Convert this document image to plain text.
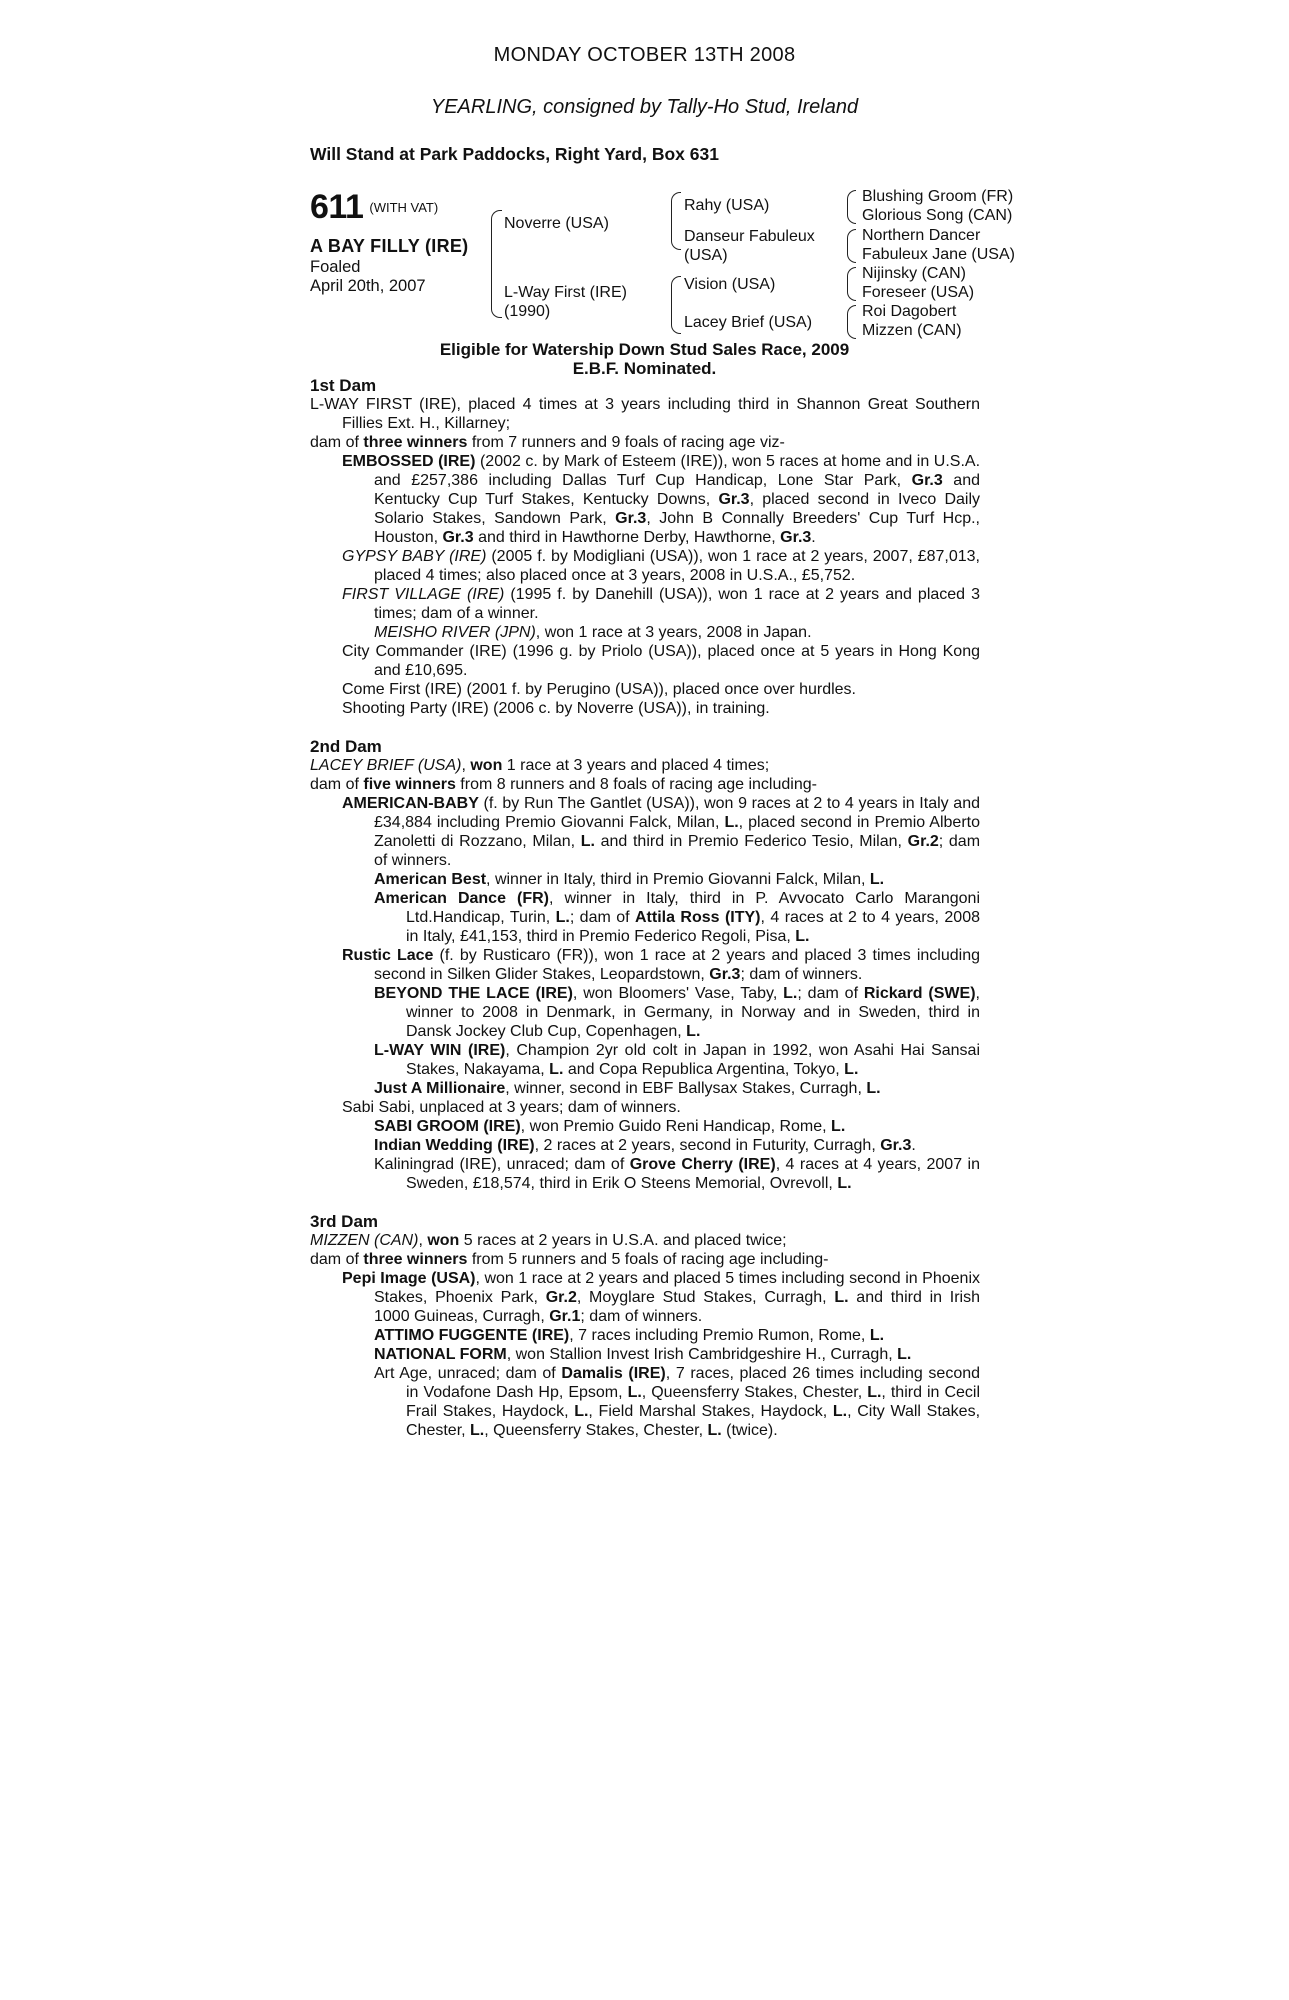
MONDAY OCTOBER 13TH 2008
YEARLING, consigned by Tally-Ho Stud, Ireland
Will Stand at Park Paddocks, Right Yard, Box 631
611 $^{(WITH VAT)}$
A BAY FILLY (IRE)
Foaled
April 20th, 2007
Noverre (USA)
L-Way First (IRE)
(1990)
Rahy (USA)
Danseur Fabuleux
(USA)
Vision (USA)
Lacey Brief (USA)
Blushing Groom (FR)
Glorious Song (CAN)
Northern Dancer
Fabuleux Jane (USA)
Nijinsky (CAN)
Foreseer (USA)
Roi Dagobert
Mizzen (CAN)
Eligible for Watership Down Stud Sales Race, 2009
E.B.F. Nominated.
1st Dam
L-WAY FIRST (IRE), placed 4 times at 3 years including third in Shannon Great Southern Fillies Ext. H., Killarney;
dam of three winners from 7 runners and 9 foals of racing age viz-
EMBOSSED (IRE) (2002 c. by Mark of Esteem (IRE)), won 5 races at home and in U.S.A. and £257,386 including Dallas Turf Cup Handicap, Lone Star Park, Gr.3 and Kentucky Cup Turf Stakes, Kentucky Downs, Gr.3, placed second in Iveco Daily Solario Stakes, Sandown Park, Gr.3, John B Connally Breeders' Cup Turf Hcp., Houston, Gr.3 and third in Hawthorne Derby, Hawthorne, Gr.3.
GYPSY BABY (IRE) (2005 f. by Modigliani (USA)), won 1 race at 2 years, 2007, £87,013, placed 4 times; also placed once at 3 years, 2008 in U.S.A., £5,752.
FIRST VILLAGE (IRE) (1995 f. by Danehill (USA)), won 1 race at 2 years and placed 3 times; dam of a winner.
MEISHO RIVER (JPN), won 1 race at 3 years, 2008 in Japan.
City Commander (IRE) (1996 g. by Priolo (USA)), placed once at 5 years in Hong Kong and £10,695.
Come First (IRE) (2001 f. by Perugino (USA)), placed once over hurdles.
Shooting Party (IRE) (2006 c. by Noverre (USA)), in training.
2nd Dam
LACEY BRIEF (USA), won 1 race at 3 years and placed 4 times;
dam of five winners from 8 runners and 8 foals of racing age including-
AMERICAN-BABY (f. by Run The Gantlet (USA)), won 9 races at 2 to 4 years in Italy and £34,884 including Premio Giovanni Falck, Milan, L., placed second in Premio Alberto Zanoletti di Rozzano, Milan, L. and third in Premio Federico Tesio, Milan, Gr.2; dam of winners.
American Best, winner in Italy, third in Premio Giovanni Falck, Milan, L.
American Dance (FR), winner in Italy, third in P. Avvocato Carlo Marangoni Ltd.Handicap, Turin, L.; dam of Attila Ross (ITY), 4 races at 2 to 4 years, 2008 in Italy, £41,153, third in Premio Federico Regoli, Pisa, L.
Rustic Lace (f. by Rusticaro (FR)), won 1 race at 2 years and placed 3 times including second in Silken Glider Stakes, Leopardstown, Gr.3; dam of winners.
BEYOND THE LACE (IRE), won Bloomers' Vase, Taby, L.; dam of Rickard (SWE), winner to 2008 in Denmark, in Germany, in Norway and in Sweden, third in Dansk Jockey Club Cup, Copenhagen, L.
L-WAY WIN (IRE), Champion 2yr old colt in Japan in 1992, won Asahi Hai Sansai Stakes, Nakayama, L. and Copa Republica Argentina, Tokyo, L.
Just A Millionaire, winner, second in EBF Ballysax Stakes, Curragh, L.
Sabi Sabi, unplaced at 3 years; dam of winners.
SABI GROOM (IRE), won Premio Guido Reni Handicap, Rome, L.
Indian Wedding (IRE), 2 races at 2 years, second in Futurity, Curragh, Gr.3.
Kaliningrad (IRE), unraced; dam of Grove Cherry (IRE), 4 races at 4 years, 2007 in Sweden, £18,574, third in Erik O Steens Memorial, Ovrevoll, L.
3rd Dam
MIZZEN (CAN), won 5 races at 2 years in U.S.A. and placed twice;
dam of three winners from 5 runners and 5 foals of racing age including-
Pepi Image (USA), won 1 race at 2 years and placed 5 times including second in Phoenix Stakes, Phoenix Park, Gr.2, Moyglare Stud Stakes, Curragh, L. and third in Irish 1000 Guineas, Curragh, Gr.1; dam of winners.
ATTIMO FUGGENTE (IRE), 7 races including Premio Rumon, Rome, L.
NATIONAL FORM, won Stallion Invest Irish Cambridgeshire H., Curragh, L.
Art Age, unraced; dam of Damalis (IRE), 7 races, placed 26 times including second in Vodafone Dash Hp, Epsom, L., Queensferry Stakes, Chester, L., third in Cecil Frail Stakes, Haydock, L., Field Marshal Stakes, Haydock, L., City Wall Stakes, Chester, L., Queensferry Stakes, Chester, L. (twice).
